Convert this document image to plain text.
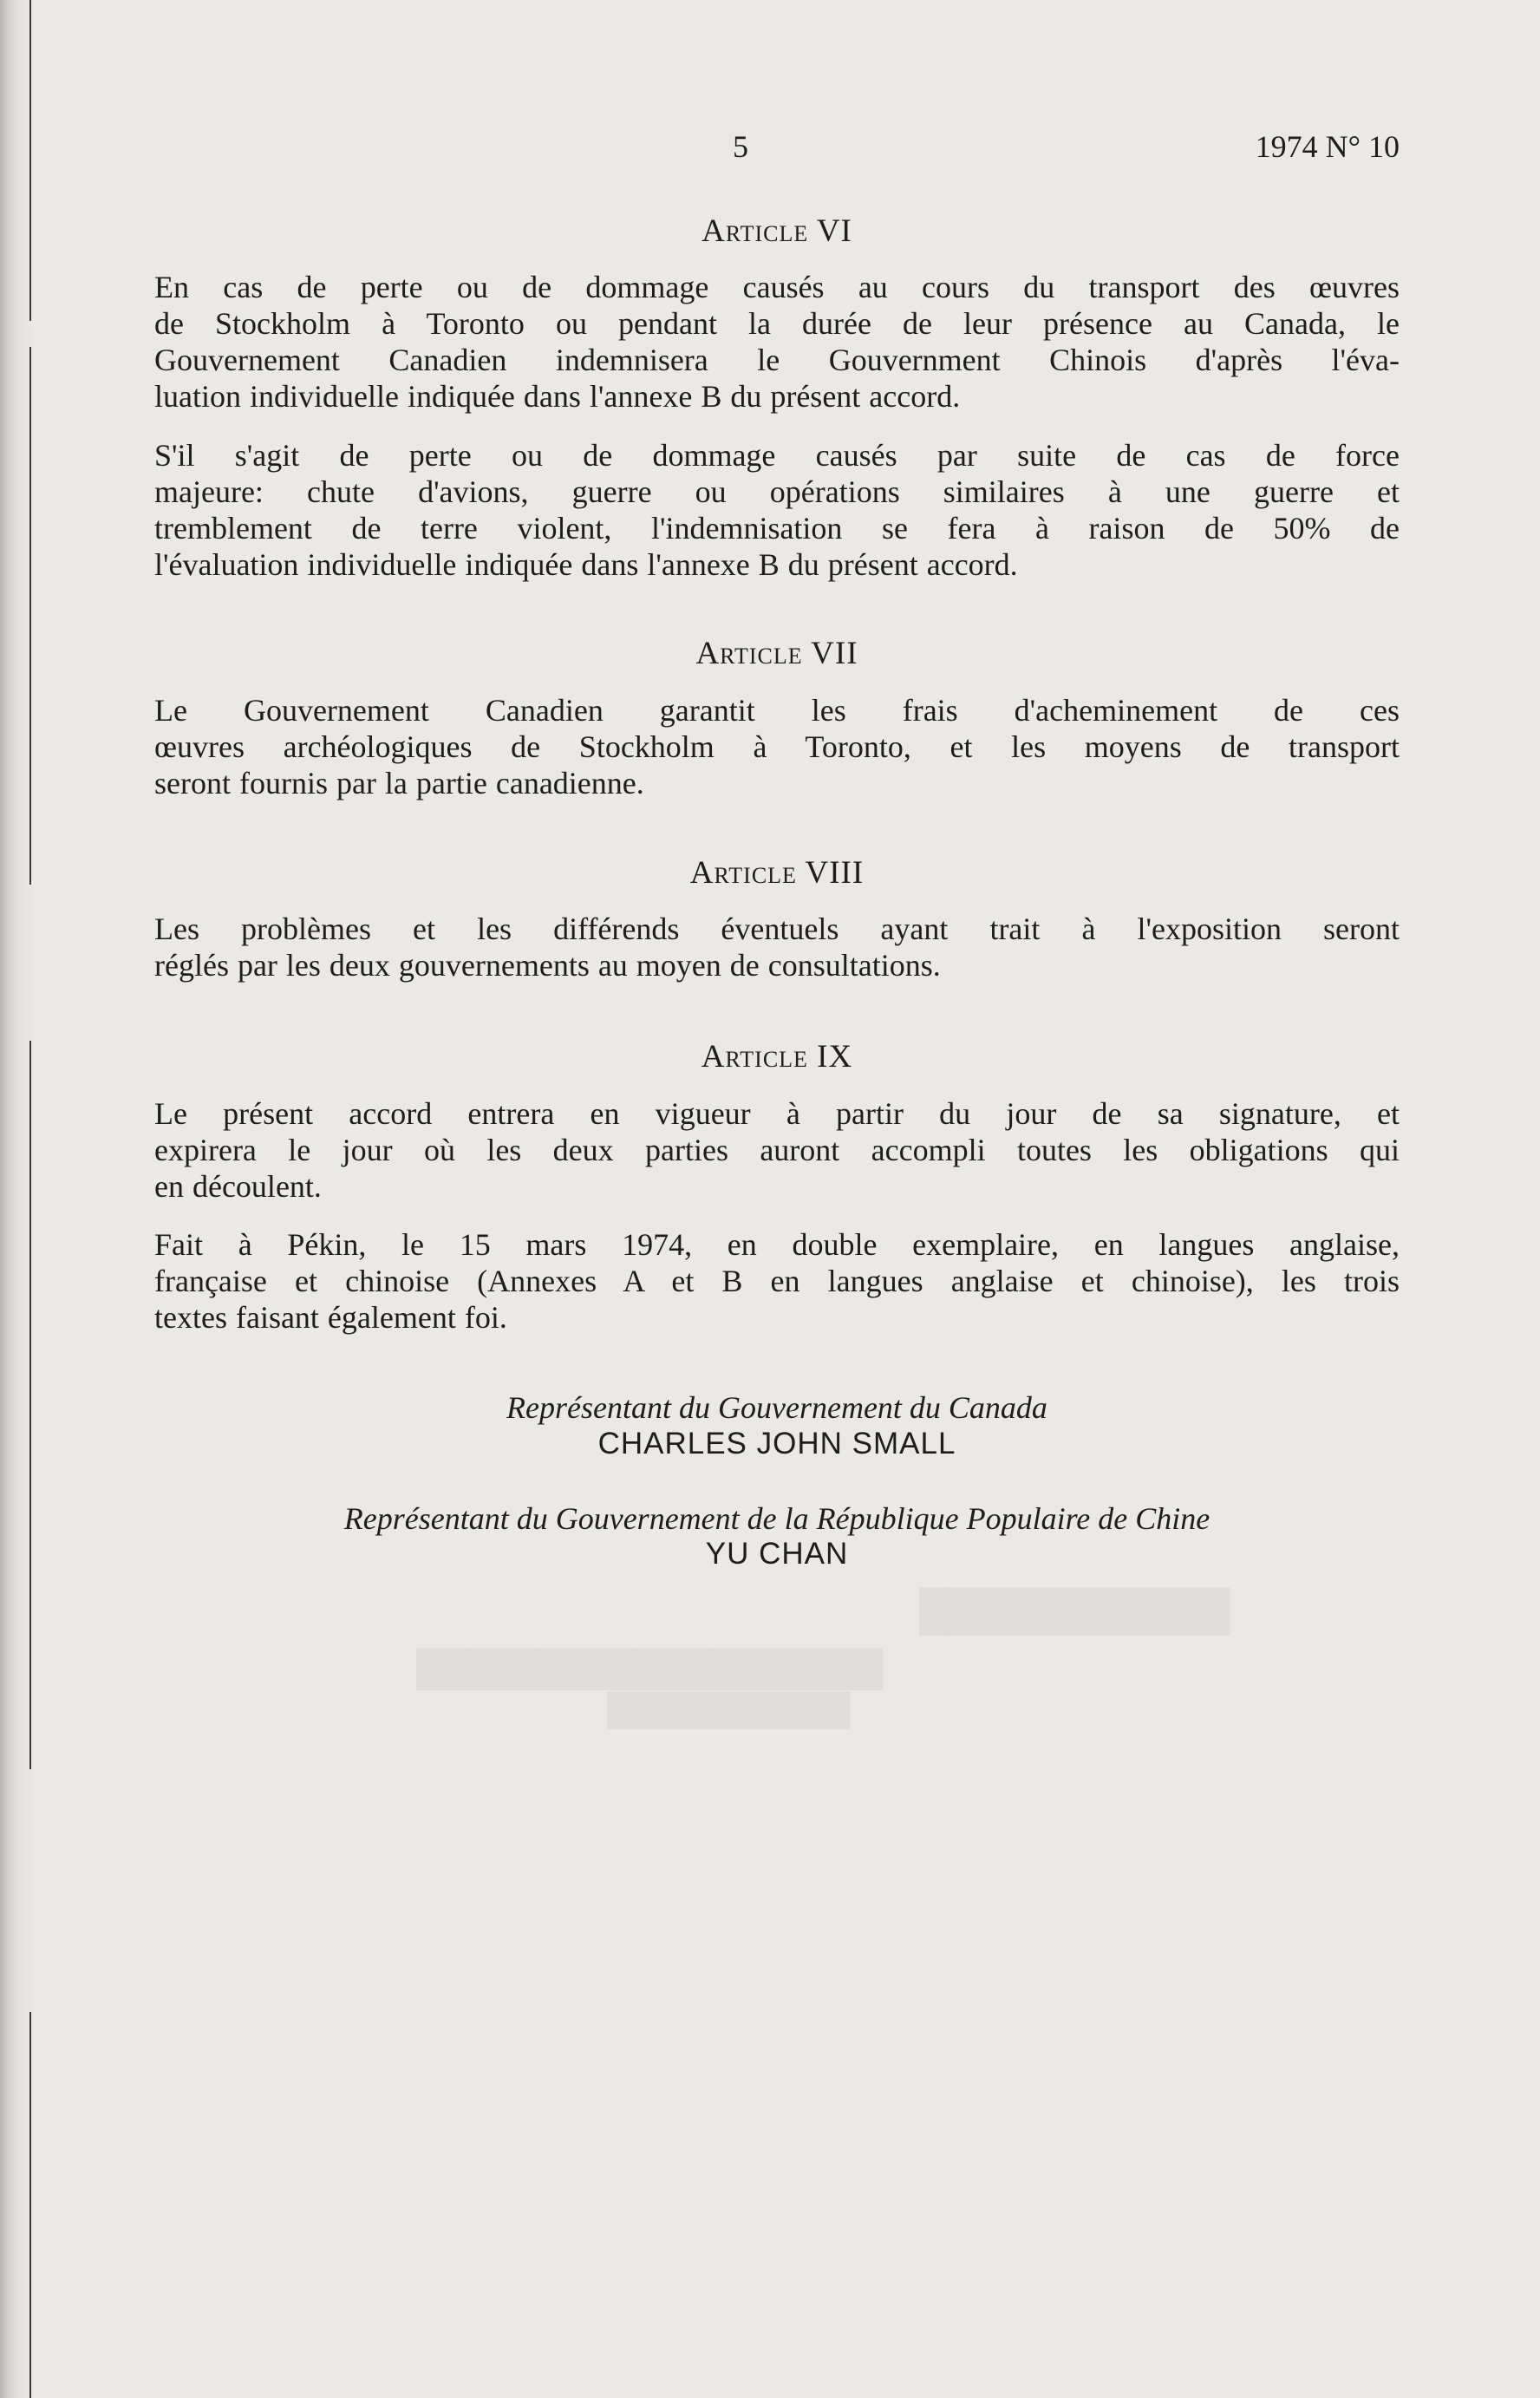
███████████
███████████████████
███████████
5	1974 N° 10
Article VI
En cas de perte ou de dommage causés au cours du transport des œuvres
de Stockholm à Toronto ou pendant la durée de leur présence au Canada, le
Gouvernement Canadien indemnisera le Gouvernment Chinois d'après l'éva-
luation individuelle indiquée dans l'annexe B du présent accord.
S'il s'agit de perte ou de dommage causés par suite de cas de force
majeure: chute d'avions, guerre ou opérations similaires à une guerre et
tremblement de terre violent, l'indemnisation se fera à raison de 50% de
l'évaluation individuelle indiquée dans l'annexe B du présent accord.
Article VII
Le Gouvernement Canadien garantit les frais d'acheminement de ces
œuvres archéologiques de Stockholm à Toronto, et les moyens de transport
seront fournis par la partie canadienne.
Article VIII
Les problèmes et les différends éventuels ayant trait à l'exposition seront
réglés par les deux gouvernements au moyen de consultations.
Article IX
Le présent accord entrera en vigueur à partir du jour de sa signature, et
expirera le jour où les deux parties auront accompli toutes les obligations qui
en découlent.
Fait à Pékin, le 15 mars 1974, en double exemplaire, en langues anglaise,
française et chinoise (Annexes A et B en langues anglaise et chinoise), les trois
textes faisant également foi.
Représentant du Gouvernement du Canada
CHARLES JOHN SMALL
Représentant du Gouvernement de la République Populaire de Chine
YU CHAN
